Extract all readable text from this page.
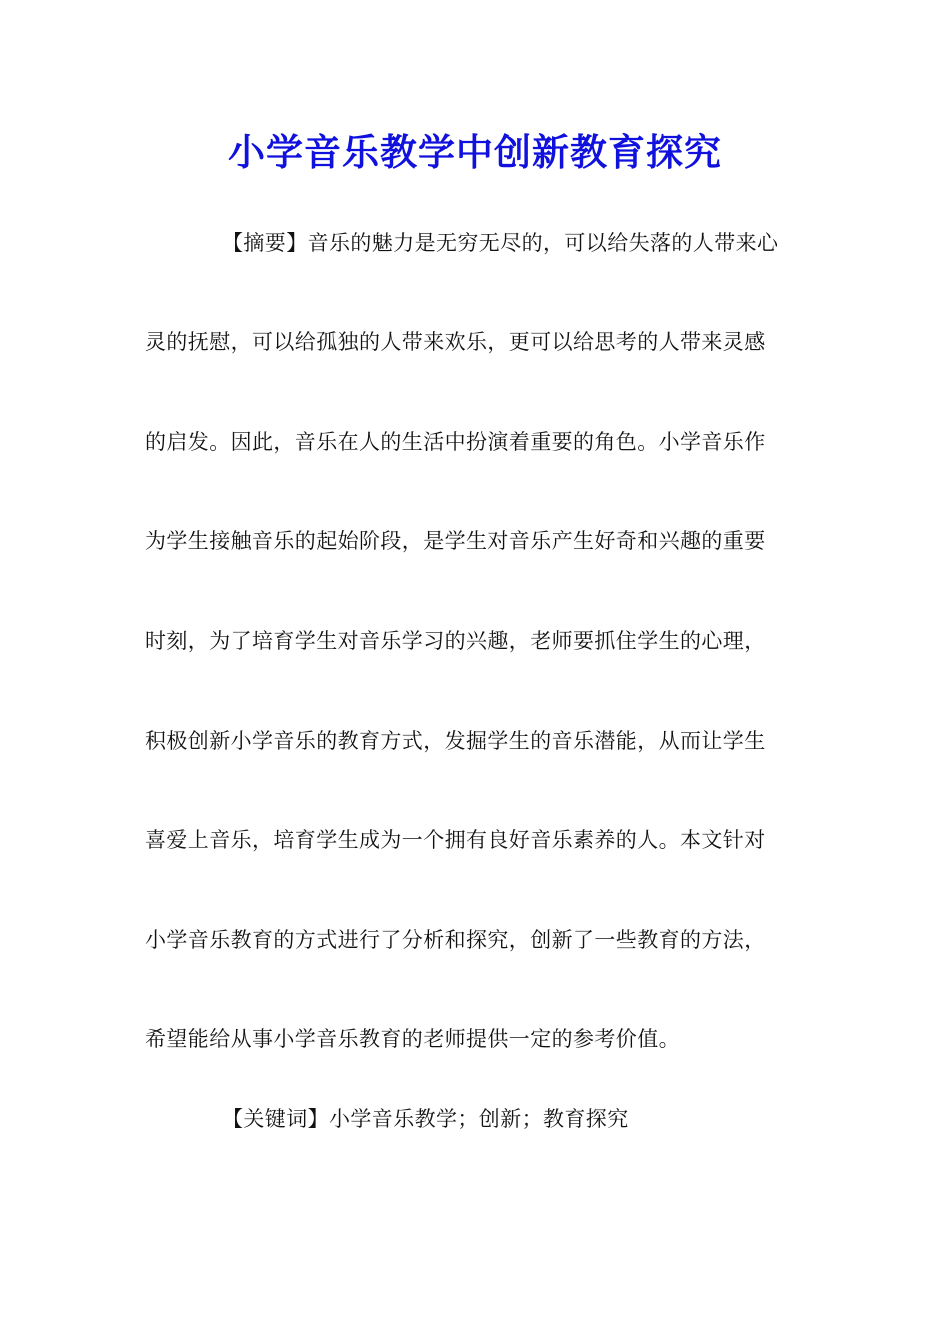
小学音乐教学中创新教育探究
【摘要】音乐的魅力是无穷无尽的，可以给失落的人带来心
灵的抚慰，可以给孤独的人带来欢乐，更可以给思考的人带来灵感
的启发。因此，音乐在人的生活中扮演着重要的角色。小学音乐作
为学生接触音乐的起始阶段，是学生对音乐产生好奇和兴趣的重要
时刻，为了培育学生对音乐学习的兴趣，老师要抓住学生的心理，
积极创新小学音乐的教育方式，发掘学生的音乐潜能，从而让学生
喜爱上音乐，培育学生成为一个拥有良好音乐素养的人。本文针对
小学音乐教育的方式进行了分析和探究，创新了一些教育的方法，
希望能给从事小学音乐教育的老师提供一定的参考价值。
【关键词】小学音乐教学；创新；教育探究
